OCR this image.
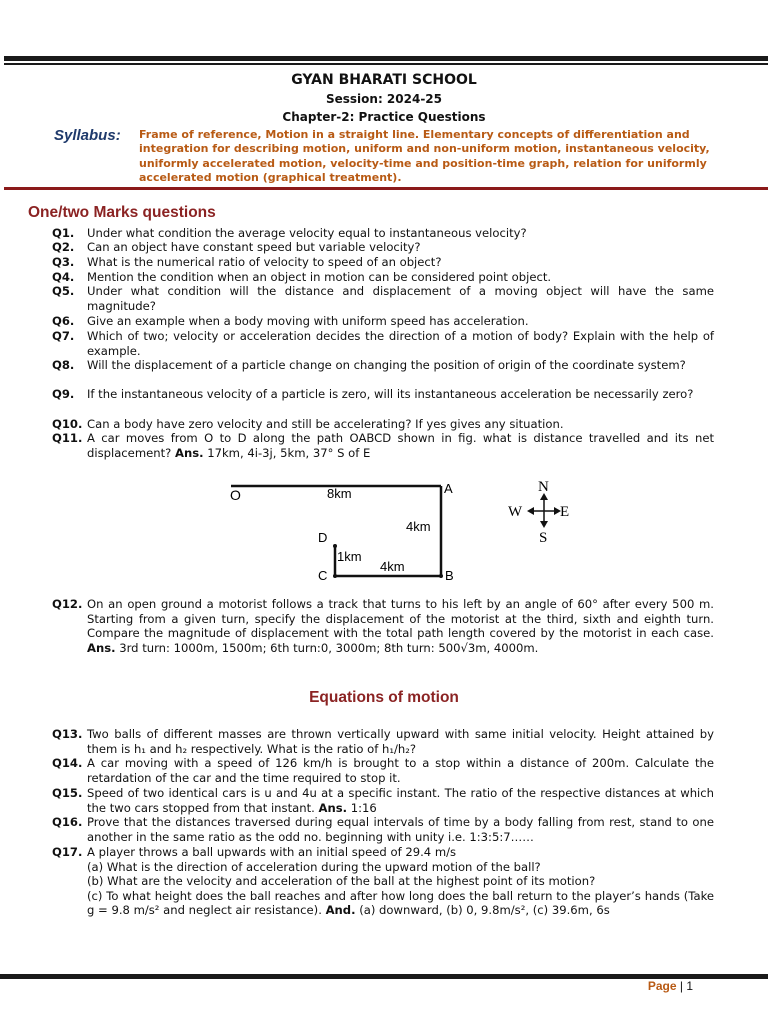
GYAN BHARATI SCHOOL
Session: 2024-25
Chapter-2: Practice Questions
Syllabus: Frame of reference, Motion in a straight line. Elementary concepts of differentiation and integration for describing motion, uniform and non-uniform motion, instantaneous velocity, uniformly accelerated motion, velocity-time and position-time graph, relation for uniformly accelerated motion (graphical treatment).
One/two Marks questions
Q1. Under what condition the average velocity equal to instantaneous velocity?
Q2. Can an object have constant speed but variable velocity?
Q3. What is the numerical ratio of velocity to speed of an object?
Q4. Mention the condition when an object in motion can be considered point object.
Q5. Under what condition will the distance and displacement of a moving object will have the same magnitude?
Q6. Give an example when a body moving with uniform speed has acceleration.
Q7. Which of two; velocity or acceleration decides the direction of a motion of body? Explain with the help of example.
Q8. Will the displacement of a particle change on changing the position of origin of the coordinate system?
Q9. If the instantaneous velocity of a particle is zero, will its instantaneous acceleration be necessarily zero?
Q10. Can a body have zero velocity and still be accelerating? If yes gives any situation.
Q11. A car moves from O to D along the path OABCD shown in fig. what is distance travelled and its net displacement? Ans. 17km, 4i-3j, 5km, 37° S of E
O	A
B
C
D
8km
4km
4km
1km
N
S
E
W
Q12. On an open ground a motorist follows a track that turns to his left by an angle of 60° after every 500 m. Starting from a given turn, specify the displacement of the motorist at the third, sixth and eighth turn. Compare the magnitude of displacement with the total path length covered by the motorist in each case. Ans. 3rd turn: 1000m, 1500m; 6th turn:0, 3000m; 8th turn: 500√3m, 4000m.
Equations of motion
Q13. Two balls of different masses are thrown vertically upward with same initial velocity. Height attained by them is h₁ and h₂ respectively. What is the ratio of h₁/h₂?
Q14. A car moving with a speed of 126 km/h is brought to a stop within a distance of 200m. Calculate the retardation of the car and the time required to stop it.
Q15. Speed of two identical cars is u and 4u at a specific instant. The ratio of the respective distances at which the two cars stopped from that instant. Ans. 1:16
Q16. Prove that the distances traversed during equal intervals of time by a body falling from rest, stand to one another in the same ratio as the odd no. beginning with unity i.e. 1:3:5:7……
Q17. A player throws a ball upwards with an initial speed of 29.4 m/s
(a) What is the direction of acceleration during the upward motion of the ball?
(b) What are the velocity and acceleration of the ball at the highest point of its motion?
(c) To what height does the ball reaches and after how long does the ball return to the player’s hands (Take g = 9.8 m/s² and neglect air resistance). And. (a) downward, (b) 0, 9.8m/s², (c) 39.6m, 6s
Page | 1
